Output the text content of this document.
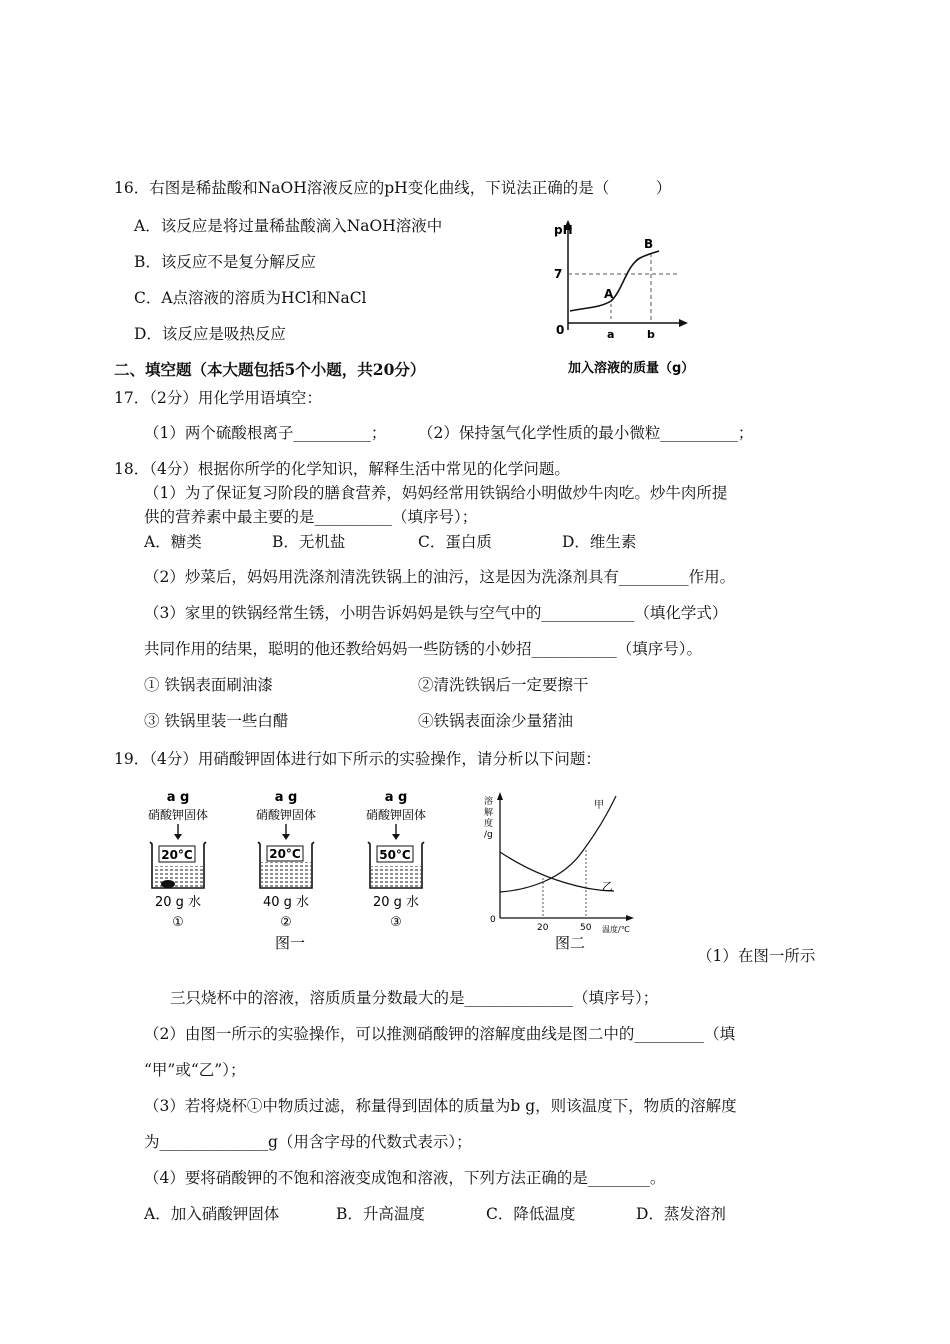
16．右图是稀盐酸和NaOH溶液反应的pH变化曲线，下说法正确的是（　　　）
A．该反应是将过量稀盐酸滴入NaOH溶液中
B．该反应不是复分解反应
C．A点溶液的溶质为HCl和NaCl
D．该反应是吸热反应
pH
7
0
A
B
a	b
加入溶液的质量（g）
二、填空题（本大题包括5个小题，共20分）
17．（2分）用化学用语填空：
（1）两个硫酸根离子__________； （2）保持氢气化学性质的最小微粒__________；
18．（4分）根据你所学的化学知识，解释生活中常见的化学问题。
（1）为了保证复习阶段的膳食营养，妈妈经常用铁锅给小明做炒牛肉吃。炒牛肉所提
供的营养素中最主要的是__________（填序号）；
A．糖类	B．无机盐	C．蛋白质	D．维生素
（2）炒菜后，妈妈用洗涤剂清洗铁锅上的油污，这是因为洗涤剂具有_________作用。
（3）家里的铁锅经常生锈，小明告诉妈妈是铁与空气中的____________（填化学式）
共同作用的结果，聪明的他还教给妈妈一些防锈的小妙招___________（填序号）。
① 铁锅表面刷油漆	②清洗铁锅后一定要擦干
③ 铁锅里装一些白醋	④铁锅表面涂少量猪油
19．（4分）用硝酸钾固体进行如下所示的实验操作，请分析以下问题：
a g
硝酸钾固体
20°C
20 g 水
①
a g
硝酸钾固体
20°C
40 g 水
②
a g
硝酸钾固体
50°C
20 g 水
③
图一
溶
解
度
/g
甲
乙
0
20	50 温度/℃
图二
（1）在图一所示
三只烧杯中的溶液，溶质质量分数最大的是______________（填序号）；
（2）由图一所示的实验操作，可以推测硝酸钾的溶解度曲线是图二中的_________（填
“甲”或“乙”）；
（3）若将烧杯①中物质过滤，称量得到固体的质量为b g，则该温度下，物质的溶解度
为______________g（用含字母的代数式表示）；
（4）要将硝酸钾的不饱和溶液变成饱和溶液，下列方法正确的是________。
A．加入硝酸钾固体	B．升高温度	C．降低温度	D．蒸发溶剂
